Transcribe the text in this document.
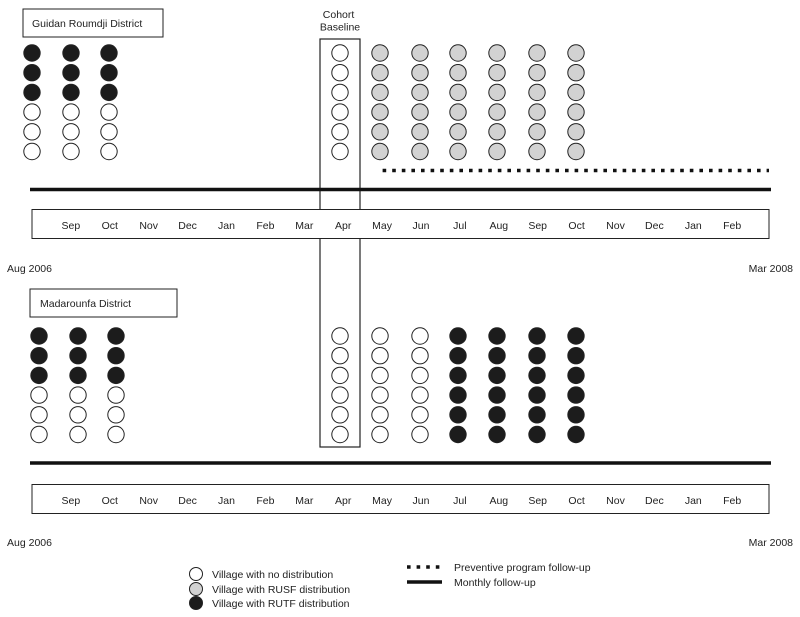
Cohort Baseline
Guidan Roumdji District
Sep Oct Nov Dec Jan Feb Mar Apr May Jun Jul Aug Sep Oct Nov Dec Jan Feb
Aug 2006	Mar 2008
Madarounfa District
Sep Oct Nov Dec Jan Feb Mar Apr May Jun Jul Aug Sep Oct Nov Dec Jan Feb
Aug 2006	Mar 2008
Village with no distribution
Village with RUSF distribution
Village with RUTF distribution
Preventive program follow-up
Monthly follow-up
